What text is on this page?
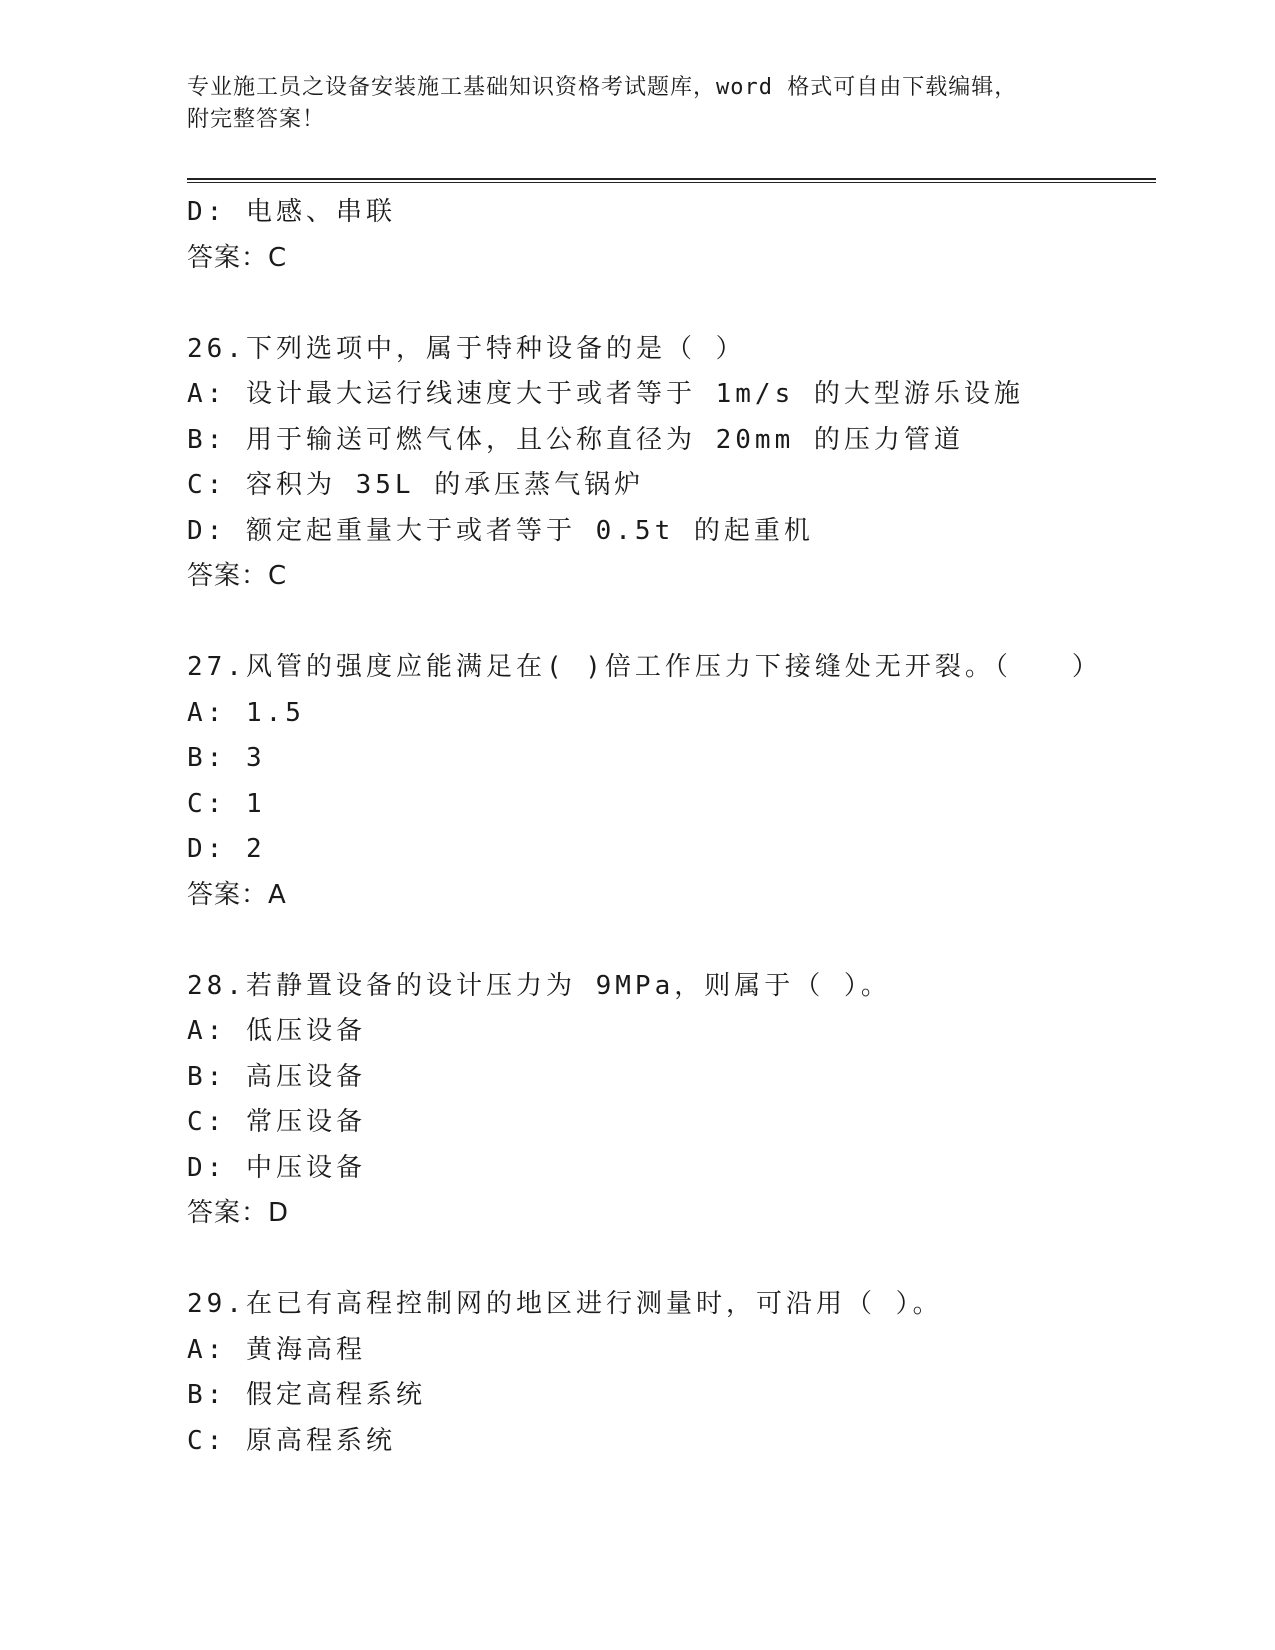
专业施工员之设备安装施工基础知识资格考试题库，word 格式可自由下载编辑，
附完整答案！
D: 电感、串联
答案：C
26.下列选项中，属于特种设备的是（ ）
A: 设计最大运行线速度大于或者等于 1m/s 的大型游乐设施
B: 用于输送可燃气体，且公称直径为 20mm 的压力管道
C: 容积为 35L 的承压蒸气锅炉
D: 额定起重量大于或者等于 0.5t 的起重机
答案：C
27.风管的强度应能满足在( )倍工作压力下接缝处无开裂。（　　）
A: 1.5
B: 3
C: 1
D: 2
答案：A
28.若静置设备的设计压力为 9MPa，则属于（ ）。
A: 低压设备
B: 高压设备
C: 常压设备
D: 中压设备
答案：D
29.在已有高程控制网的地区进行测量时，可沿用（ ）。
A: 黄海高程
B: 假定高程系统
C: 原高程系统
